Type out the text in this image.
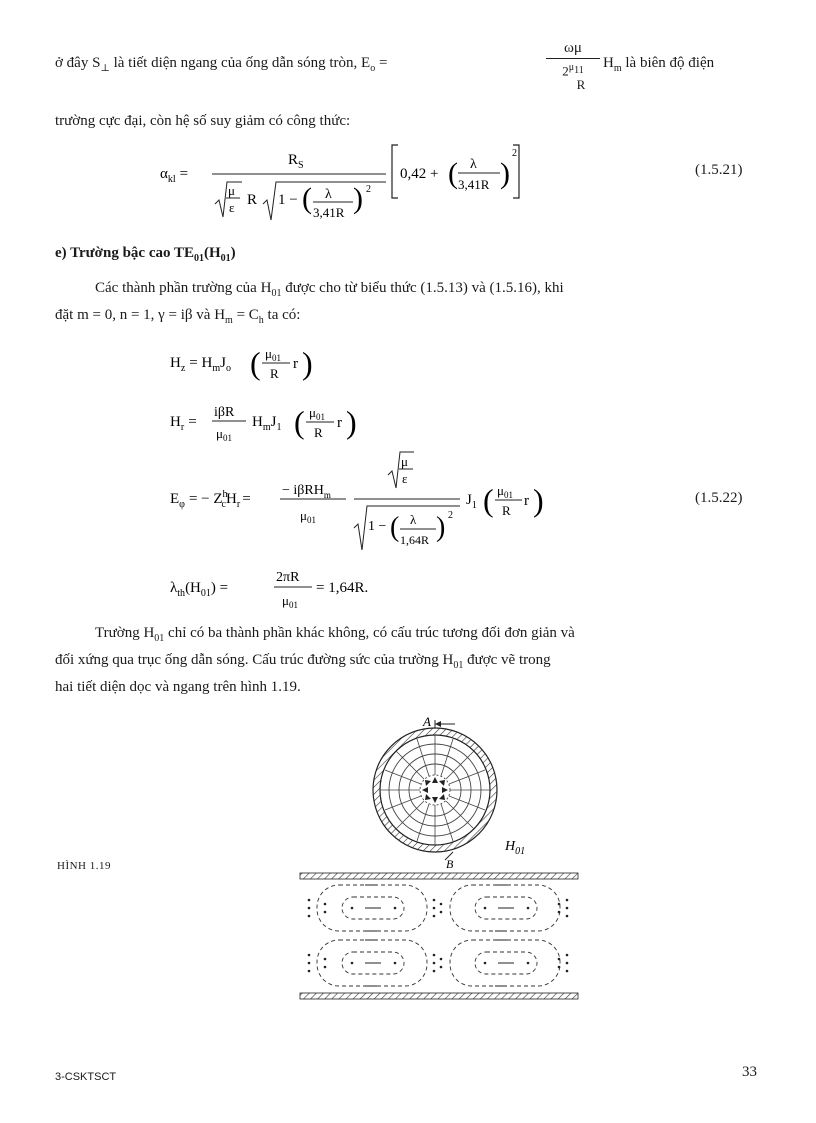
ở đây $S_\perp$ là tiết diện ngang của ống dẫn sóng tròn, $E_o$ =
ωμ
$2^{\mu_{11}}$
R
$H_m$ là biên độ điện
trường cực đại, còn hệ số suy giảm có công thức:
$\alpha_{kl}$ =
$R_S$
μ
ε R 1 − ( λ
3,41R ) 2
0,42 + ( λ
3,41R )
2
(1.5.21)
e) Trường bậc cao $TE_{01}(H_{01})$
Các thành phần trường của $H_{01}$ được cho từ biểu thức (1.5.13) và (1.5.16), khi
đặt m = 0, n = 1, γ = iβ và $H_m = C_h$ ta có:
$H_z = H_mJ_o$ ( $\mu_{01}$
R
r )
$H_r$ =
iβR
$\mu_{01}$
$H_mJ_1$ ( $\mu_{01}$
R
r )
$E_\varphi$ = − $Z^h$ $cH_r$ =
− iβRH$_m$
$\mu_{01}$
μ
ε
1 − ( λ
1,64R ) 2
$J_1$ ( $\mu_{01}$
R
r )	(1.5.22)
$\lambda_{th}(H_{01})$ =
2πR
$\mu_{01}$
= 1,64R.
Trường $H_{01}$ chỉ có ba thành phần khác không, có cấu trúc tương đối đơn giản và
đối xứng qua trục ống dẫn sóng. Cấu trúc đường sức của trường $H_{01}$ được vẽ trong
hai tiết diện dọc và ngang trên hình 1.19.
HÌNH 1.19
A
B
$H_{01}$
3-CSKTSCT	33
